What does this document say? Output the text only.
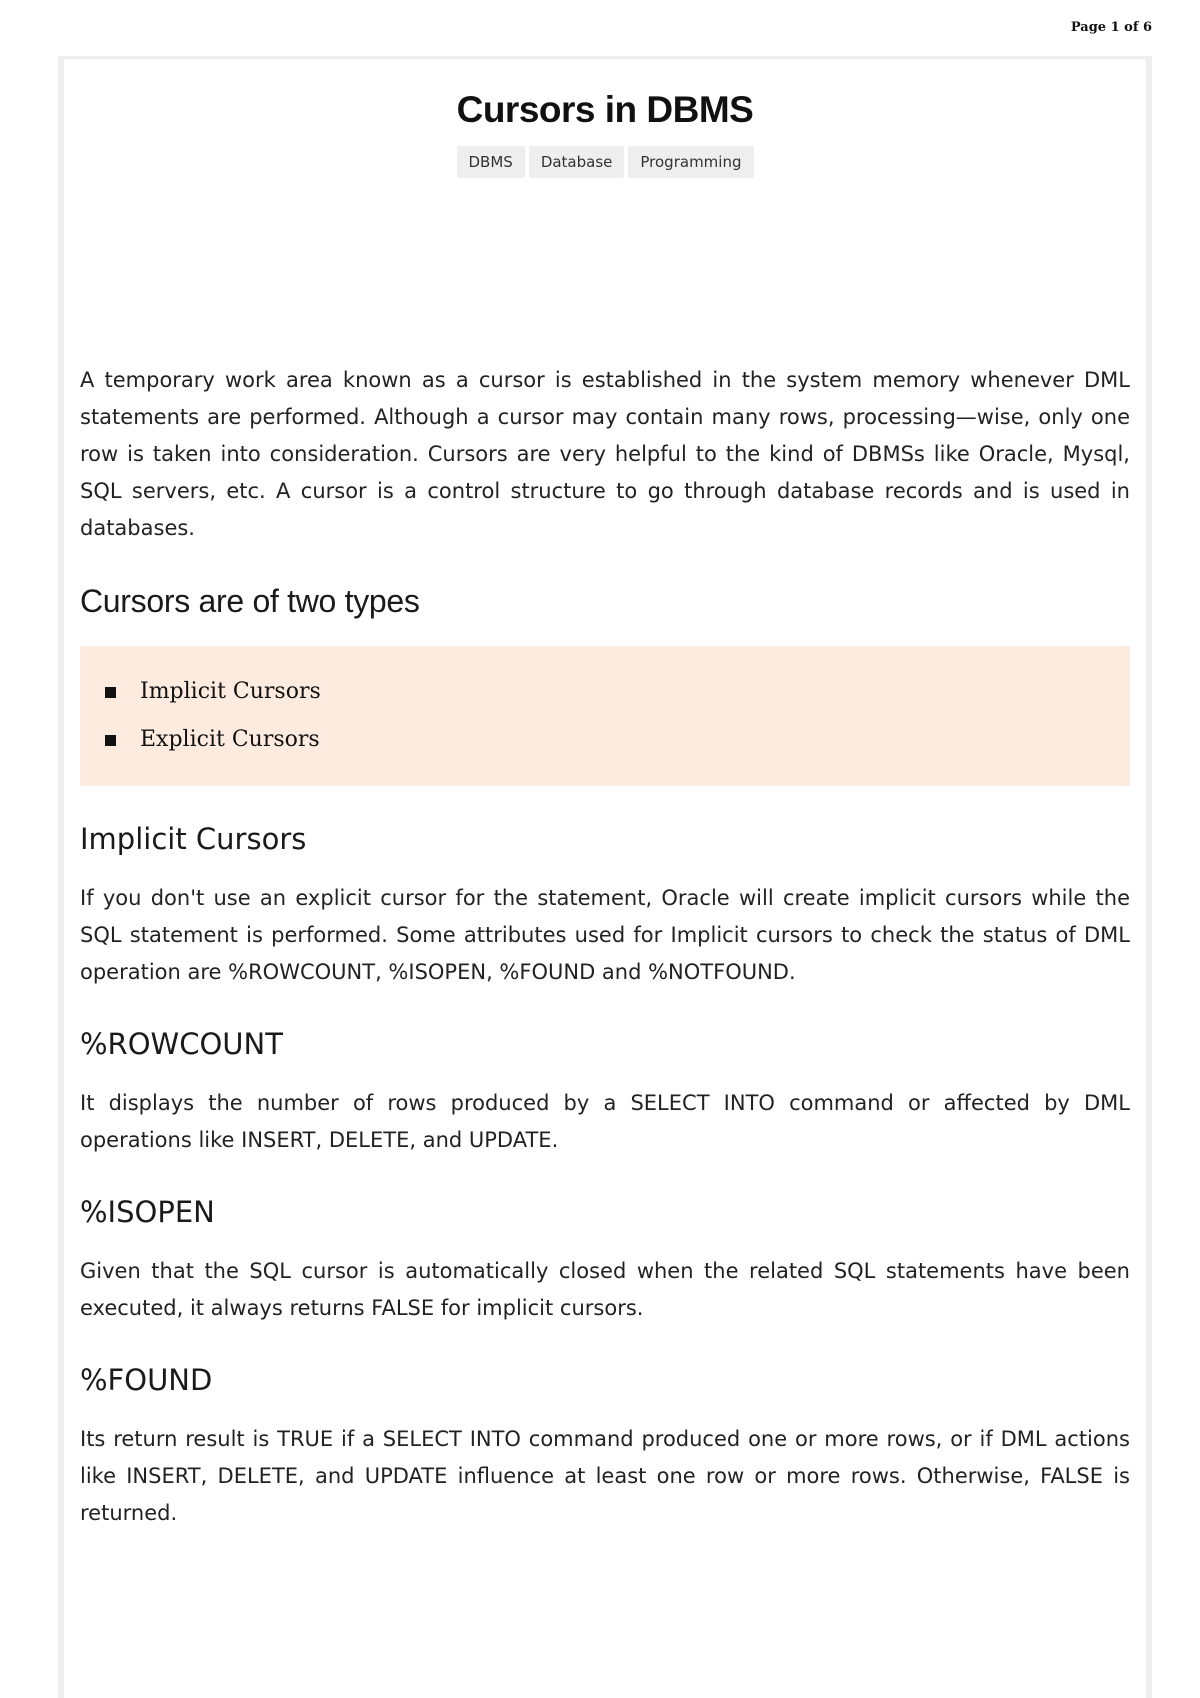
Page 1 of 6
Cursors in DBMS
DBMS Database Programming

A temporary work area known as a cursor is established in the system memory whenever DML statements are performed. Although a cursor may contain many rows, processing—wise, only one row is taken into consideration. Cursors are very helpful to the kind of DBMSs like Oracle, Mysql, SQL servers, etc. A cursor is a control structure to go through database records and is used in databases.

Cursors are of two types
Implicit Cursors
Explicit Cursors
Implicit Cursors

If you don't use an explicit cursor for the statement, Oracle will create implicit cursors while the SQL statement is performed. Some attributes used for Implicit cursors to check the status of DML operation are %ROWCOUNT, %ISOPEN, %FOUND and %NOTFOUND.

%ROWCOUNT

It displays the number of rows produced by a SELECT INTO command or affected by DML operations like INSERT, DELETE, and UPDATE.

%ISOPEN

Given that the SQL cursor is automatically closed when the related SQL statements have been executed, it always returns FALSE for implicit cursors.

%FOUND

Its return result is TRUE if a SELECT INTO command produced one or more rows, or if DML actions like INSERT, DELETE, and UPDATE influence at least one row or more rows. Otherwise, FALSE is returned.
